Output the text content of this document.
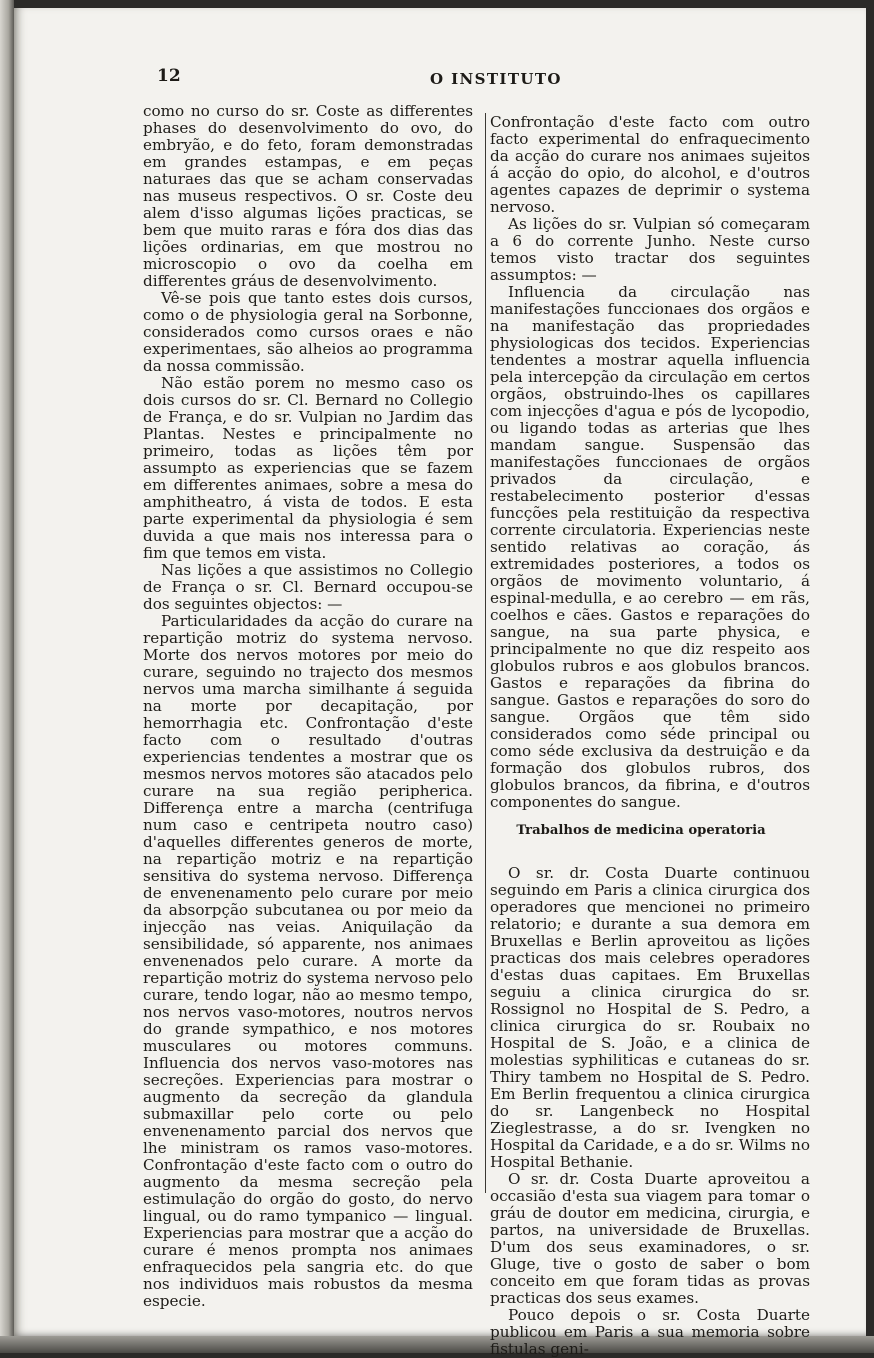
12	O INSTITUTO

como no curso do sr. Coste as differentes phases do desenvolvimento do ovo, do embryão, e do feto, foram demonstradas em grandes estampas, e em peças naturaes das que se acham conservadas nas museus respectivos. O sr. Coste deu alem d'isso algumas lições practicas, se bem que muito raras e fóra dos dias das lições ordinarias, em que mostrou no microscopio o ovo da coelha em differentes gráus de desenvolvimento.

Vê-se pois que tanto estes dois cursos, como o de physiologia geral na Sorbonne, considerados como cursos oraes e não experimentaes, são alheios ao programma da nossa commissão.

Não estão porem no mesmo caso os dois cursos do sr. Cl. Bernard no Collegio de França, e do sr. Vulpian no Jardim das Plantas. Nestes e principalmente no primeiro, todas as lições têm por assumpto as experiencias que se fazem em differentes animaes, sobre a mesa do amphitheatro, á vista de todos. E esta parte experimental da physiologia é sem duvida a que mais nos interessa para o fim que temos em vista.

Nas lições a que assistimos no Collegio de França o sr. Cl. Bernard occupou-se dos seguintes objectos: —

Particularidades da acção do curare na repartição motriz do systema nervoso. Morte dos nervos motores por meio do curare, seguindo no trajecto dos mesmos nervos uma marcha similhante á seguida na morte por decapitação, por hemorrhagia etc. Confrontação d'este facto com o resultado d'outras experiencias tendentes a mostrar que os mesmos nervos motores são atacados pelo curare na sua região peripherica. Differença entre a marcha (centrifuga num caso e centripeta noutro caso) d'aquelles differentes generos de morte, na repartição motriz e na repartição sensitiva do systema nervoso. Differença de envenenamento pelo curare por meio da absorpção subcutanea ou por meio da injecção nas veias. Aniquilação da sensibilidade, só apparente, nos animaes envenenados pelo curare. A morte da repartição motriz do systema nervoso pelo curare, tendo logar, não ao mesmo tempo, nos nervos vaso-motores, noutros nervos do grande sympathico, e nos motores musculares ou motores communs. Influencia dos nervos vaso-motores nas secreções. Experiencias para mostrar o augmento da secreção da glandula submaxillar pelo corte ou pelo envenenamento parcial dos nervos que lhe ministram os ramos vaso-motores. Confrontação d'este facto com o outro do augmento da mesma secreção pela estimulação do orgão do gosto, do nervo lingual, ou do ramo tympanico — lingual. Experiencias para mostrar que a acção do curare é menos prompta nos animaes enfraquecidos pela sangria etc. do que nos individuos mais robustos da mesma especie.

Confrontação d'este facto com outro facto experimental do enfraquecimento da acção do curare nos animaes sujeitos á acção do opio, do alcohol, e d'outros agentes capazes de deprimir o systema nervoso.

As lições do sr. Vulpian só começaram a 6 do corrente Junho. Neste curso temos visto tractar dos seguintes assumptos: —

Influencia da circulação nas manifestações funccionaes dos orgãos e na manifestação das propriedades physiologicas dos tecidos. Experiencias tendentes a mostrar aquella influencia pela intercepção da circulação em certos orgãos, obstruindo-lhes os capillares com injecções d'agua e pós de lycopodio, ou ligando todas as arterias que lhes mandam sangue. Suspensão das manifestações funccionaes de orgãos privados da circulação, e restabelecimento posterior d'essas funcções pela restituição da respectiva corrente circulatoria. Experiencias neste sentido relativas ao coração, ás extremidades posteriores, a todos os orgãos de movimento voluntario, á espinal-medulla, e ao cerebro — em rãs, coelhos e cães. Gastos e reparações do sangue, na sua parte physica, e principalmente no que diz respeito aos globulos rubros e aos globulos brancos. Gastos e reparações da fibrina do sangue. Gastos e reparações do soro do sangue. Orgãos que têm sido considerados como séde principal ou como séde exclusiva da destruição e da formação dos globulos rubros, dos globulos brancos, da fibrina, e d'outros componentes do sangue.

Trabalhos de medicina operatoria

O sr. dr. Costa Duarte continuou seguindo em Paris a clinica cirurgica dos operadores que mencionei no primeiro relatorio; e durante a sua demora em Bruxellas e Berlin aproveitou as lições practicas dos mais celebres operadores d'estas duas capitaes. Em Bruxellas seguiu a clinica cirurgica do sr. Rossignol no Hospital de S. Pedro, a clinica cirurgica do sr. Roubaix no Hospital de S. João, e a clinica de molestias syphiliticas e cutaneas do sr. Thiry tambem no Hospital de S. Pedro. Em Berlin frequentou a clinica cirurgica do sr. Langenbeck no Hospital Zieglestrasse, a do sr. Ivengken no Hospital da Caridade, e a do sr. Wilms no Hospital Bethanie.

O sr. dr. Costa Duarte aproveitou a occasião d'esta sua viagem para tomar o gráu de doutor em medicina, cirurgia, e partos, na universidade de Bruxellas. D'um dos seus examinadores, o sr. Gluge, tive o gosto de saber o bom conceito em que foram tidas as provas practicas dos seus exames.

Pouco depois o sr. Costa Duarte publicou em Paris a sua memoria sobre fistulas geni-
